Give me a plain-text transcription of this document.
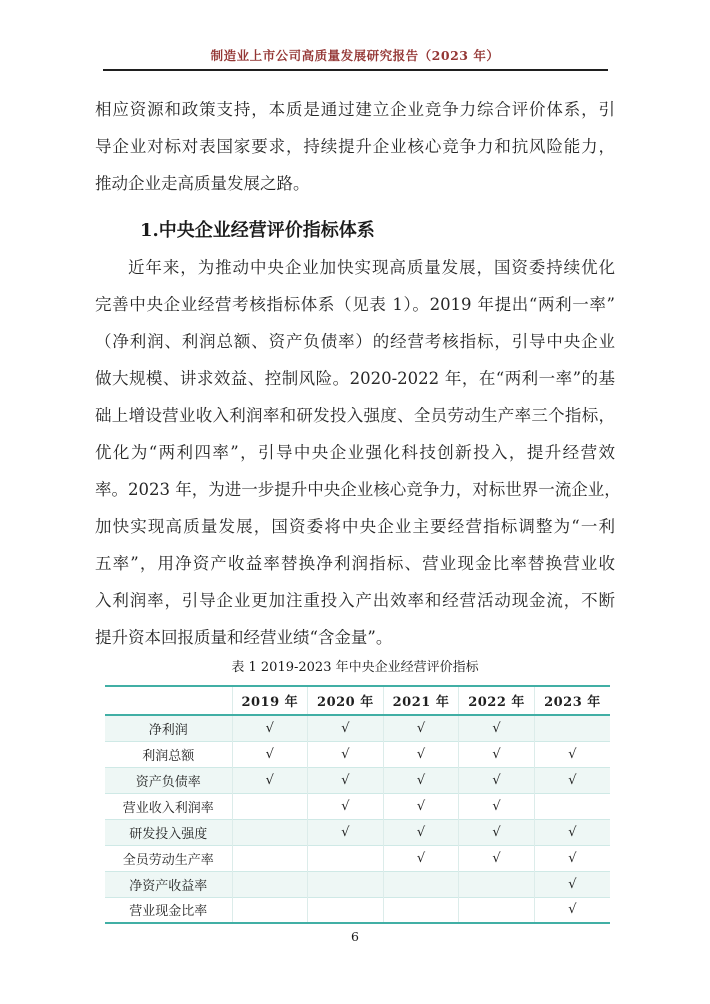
制造业上市公司高质量发展研究报告（2023 年）
相应资源和政策支持，本质是通过建立企业竞争力综合评价体系，引
导企业对标对表国家要求，持续提升企业核心竞争力和抗风险能力，
推动企业走高质量发展之路。
1.中央企业经营评价指标体系
近年来，为推动中央企业加快实现高质量发展，国资委持续优化
完善中央企业经营考核指标体系（见表 1）。2019 年提出“两利一率”
（净利润、利润总额、资产负债率）的经营考核指标，引导中央企业
做大规模、讲求效益、控制风险。2020-2022 年，在“两利一率”的基
础上增设营业收入利润率和研发投入强度、全员劳动生产率三个指标，
优化为“两利四率”，引导中央企业强化科技创新投入，提升经营效
率。2023 年，为进一步提升中央企业核心竞争力，对标世界一流企业，
加快实现高质量发展，国资委将中央企业主要经营指标调整为“一利
五率”，用净资产收益率替换净利润指标、营业现金比率替换营业收
入利润率，引导企业更加注重投入产出效率和经营活动现金流，不断
提升资本回报质量和经营业绩“含金量”。
表 1 2019-2023 年中央企业经营评价指标
	2019 年	2020 年	2021 年	2022 年	2023 年
净利润	√	√	√	√	
利润总额	√	√	√	√	√
资产负债率	√	√	√	√	√
营业收入利润率		√	√	√	
研发投入强度		√	√	√	√
全员劳动生产率			√	√	√
净资产收益率					√
营业现金比率					√
6
